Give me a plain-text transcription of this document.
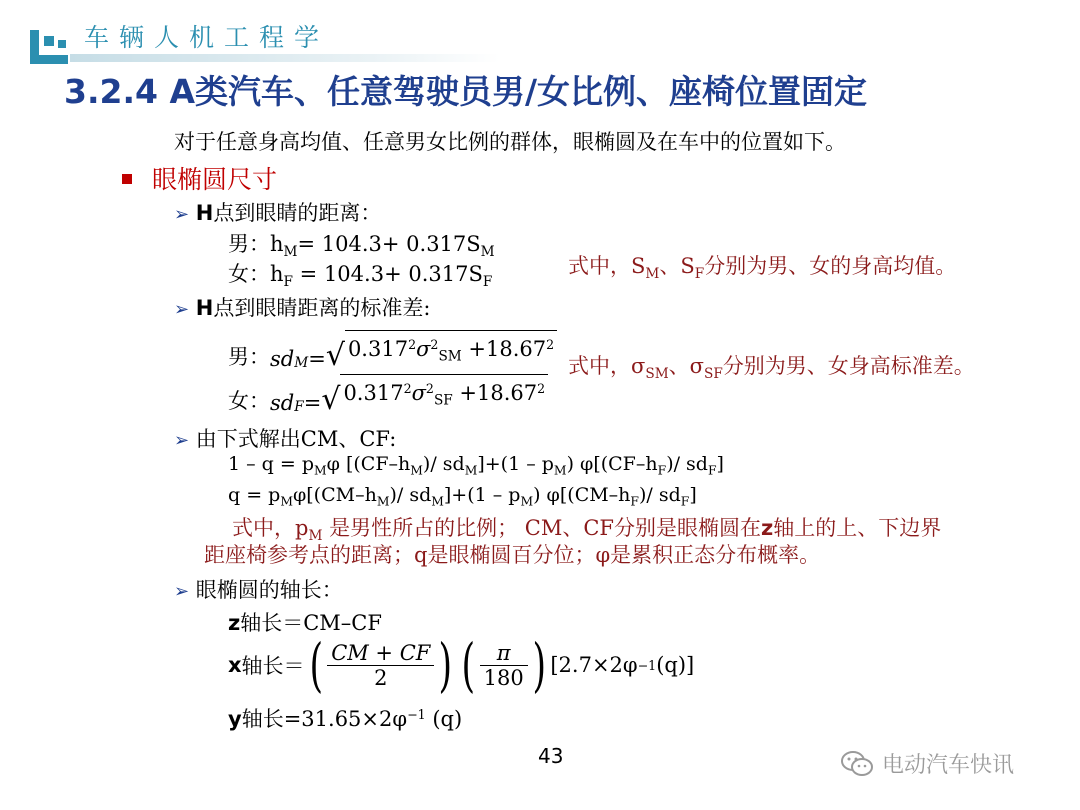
车辆人机工程学
3.2.4 A类汽车、任意驾驶员男/女比例、座椅位置固定
对于任意身高均值、任意男女比例的群体，眼椭圆及在车中的位置如下。
眼椭圆尺寸
➢ H点到眼睛的距离：
男：$h_M= 104.3+ 0.317S_M$
女：$h_F = 104.3+ 0.317S_F$
式中，$S_M$、$S_F$分别为男、女的身高均值。
➢ H点到眼睛距离的标准差:
男： sd M = √ $0.317^2\sigma^2_{SM} +18.67^2$
女： sd F = √ $0.317^2\sigma^2_{SF} +18.67^2$
式中，$\sigma_{SM}$、$\sigma_{SF}$分别为男、女身高标准差。
➢ 由下式解出CM、CF:
$1 - q = p_M\varphi$ [$(CF-h_M)/$ $sd_M]+(1 - p_M)$ $\varphi[(CF-h_F)/$ $sd_F$]
$q = p_M\varphi[(CM-h_M)/$ $sd_M]+(1 - p_M)$ $\varphi[(CM-h_F)/$ $sd_F$]
式中，$p_M$ 是男性所占的比例； CM、CF分别是眼椭圆在z轴上的上、下边界
距座椅参考点的距离；q是眼椭圆百分位；φ是累积正态分布概率。
➢ 眼椭圆的轴长：
z轴长＝CM–CF
x 轴长＝ ( $\frac{CM + CF}{2}$ ) ( $\frac{\pi}{180}$ ) [2.7×2φ −1 (q)]
y轴长$=31.65\times 2\varphi^{-1}$ (q)
43	电动汽车快讯
